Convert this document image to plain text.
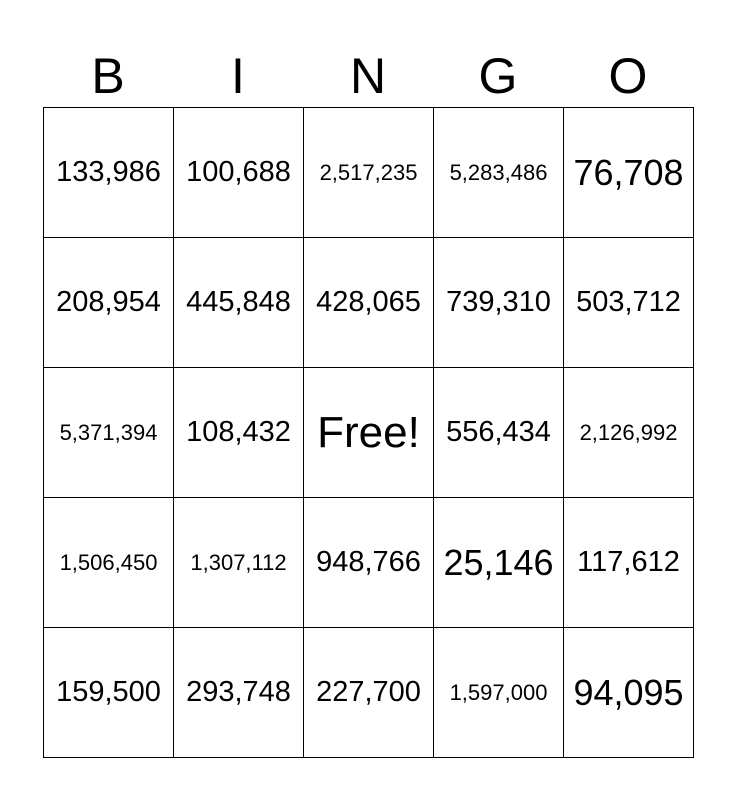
B	I	N	G	O
133,986	100,688	2,517,235	5,283,486	76,708
208,954	445,848	428,065	739,310	503,712
5,371,394	108,432	Free!	556,434	2,126,992
1,506,450	1,307,112	948,766	25,146	117,612
159,500	293,748	227,700	1,597,000	94,095
